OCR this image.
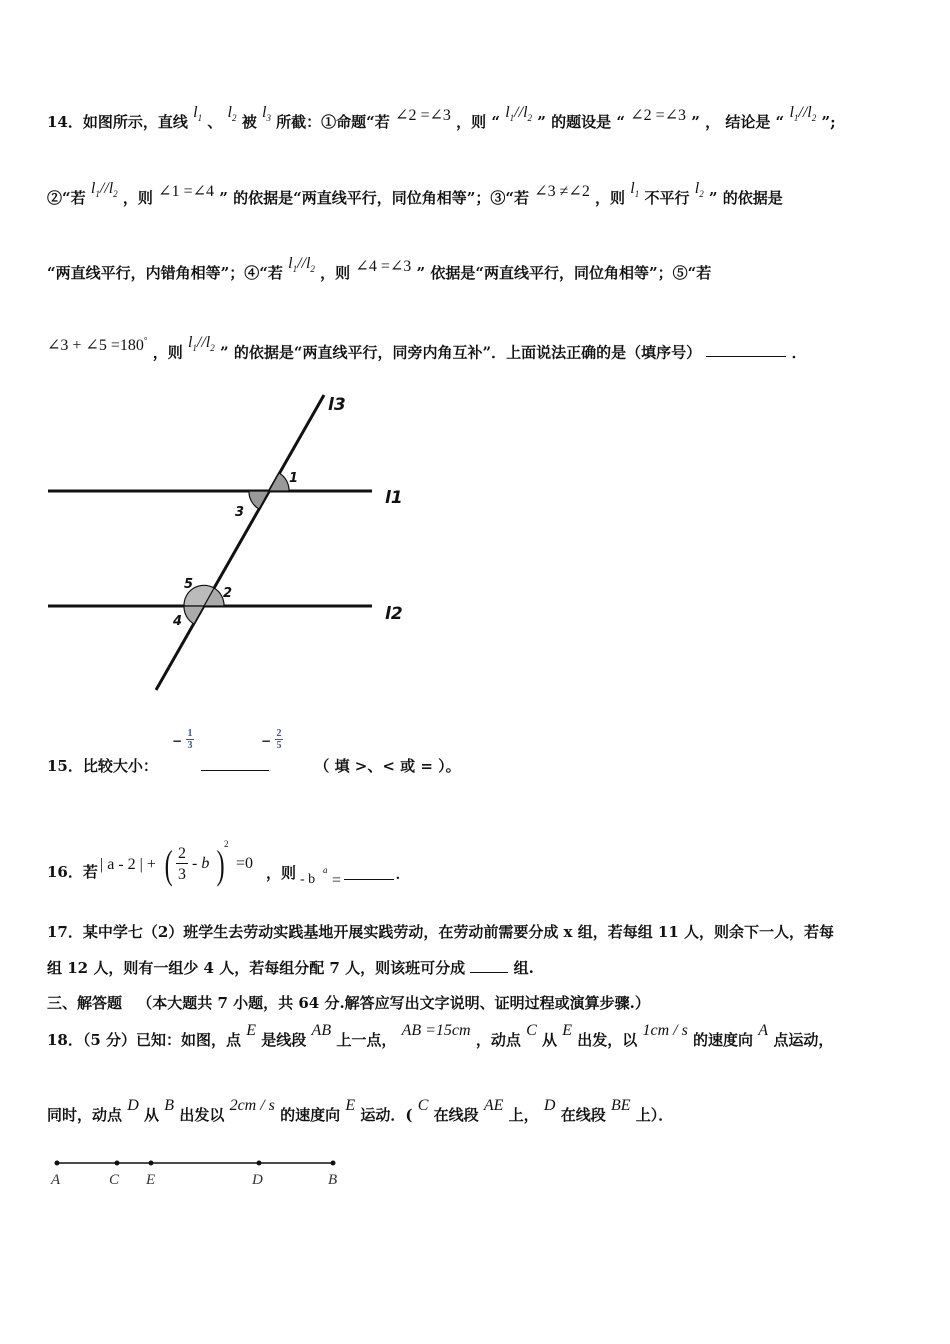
14．如图所示，直线 $l_1$ 、 $l_2$ 被 $l_3$ 所截：①命题“若 ∠2 =∠3 ，则 “ $l_1//l_2$ ” 的题设是 “ ∠2 =∠3 ” ， 结论是 “ $l_1//l_2$ ”;
②“若 $l_1//l_2$ ，则 ∠1 =∠4 ” 的依据是“两直线平行，同位角相等”；③“若 ∠3 ≠∠2 ，则 $l_1$ 不平行 $l_2$ ” 的依据是
“两直线平行，内错角相等”；④“若 $l_1//l_2$ ，则 ∠4 =∠3 ” 依据是“两直线平行，同位角相等”；⑤“若
∠3 + ∠5 =180° ，则 $l_1//l_2$ ” 的依据是“两直线平行，同旁内角互补”．上面说法正确的是（填序号）	．
l3
l1
l2
1
2
3
4
5
15．比较大小：	（ 填 >、< 或 = ）。
−
1
3	−
2
5
16．若 | a - 2 | + ( 2
3
- b ) 2
=0
，则 - b
a
=	.
17．某中学七（2）班学生去劳动实践基地开展实践劳动，在劳动前需要分成 x 组，若每组 11 人，则余下一人，若每
组 12 人，则有一组少 4 人，若每组分配 7 人，则该班可分成	组.
三、解答题 （本大题共 7 小题，共 64 分.解答应写出文字说明、证明过程或演算步骤.）
18．（5 分）已知：如图，点 E 是线段 AB 上一点， AB =15cm ，动点 C 从 E 出发，以 1cm / s 的速度向 A 点运动，
同时，动点 D 从 B 出发以 2cm / s 的速度向 E 运动．( C 在线段 AE 上， D 在线段 BE 上）．
A	C E	D	B
